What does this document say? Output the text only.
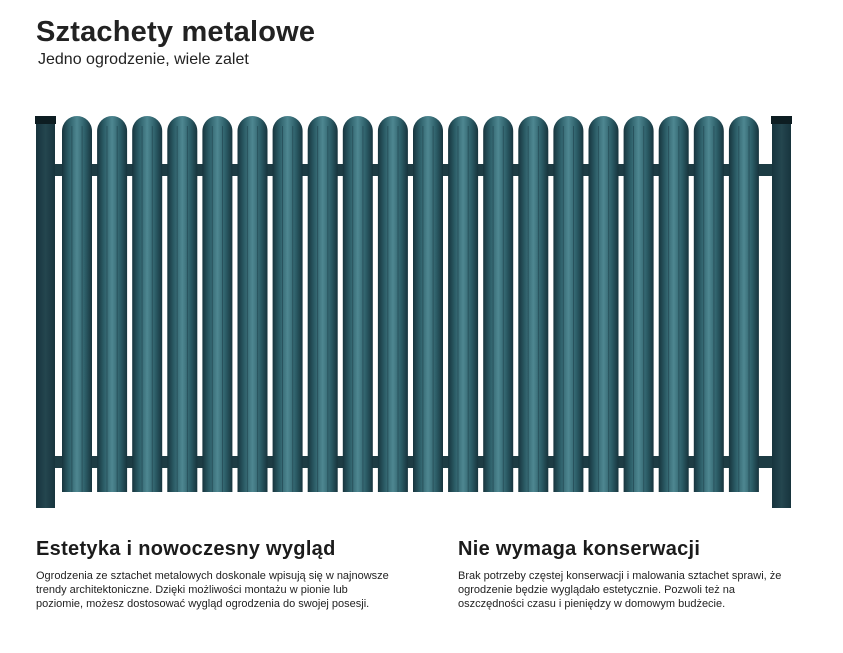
Sztachety metalowe

Jedno ogrodzenie, wiele zalet

Estetyka i nowoczesny wygląd

Ogrodzenia ze sztachet metalowych doskonale wpisują się w najnowsze trendy architektoniczne. Dzięki możliwości montażu w pionie lub poziomie, możesz dostosować wygląd ogrodzenia do swojej posesji.

Nie wymaga konserwacji

Brak potrzeby częstej konserwacji i malowania sztachet sprawi, że ogrodzenie będzie wyglądało estetycznie. Pozwoli też na oszczędności czasu i pieniędzy w domowym budżecie.
